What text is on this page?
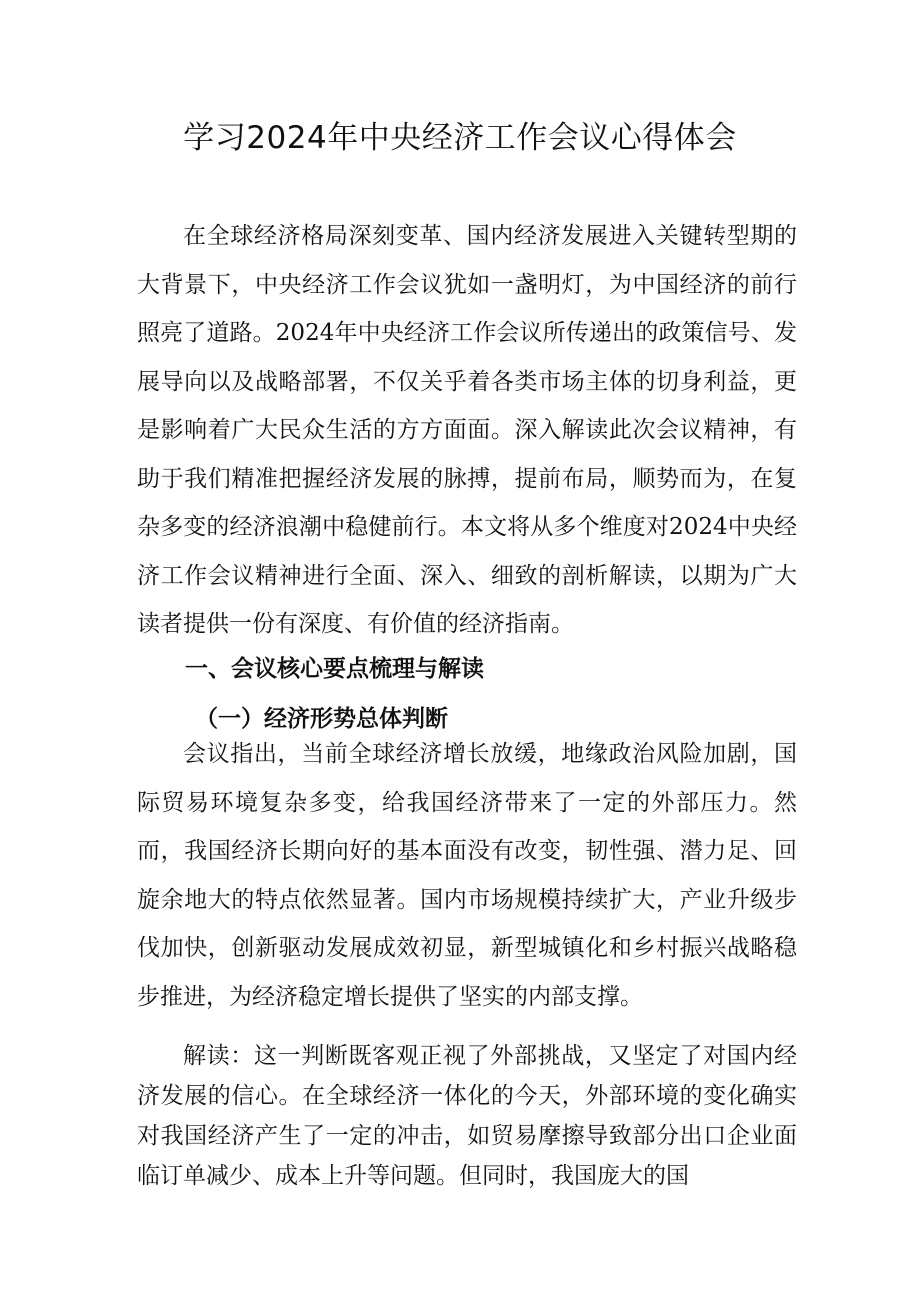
学习2024年中央经济工作会议心得体会

在全球经济格局深刻变革、国内经济发展进入关键转型期的大背景下，中央经济工作会议犹如一盏明灯，为中国经济的前行照亮了道路。2024年中央经济工作会议所传递出的政策信号、发展导向以及战略部署，不仅关乎着各类市场主体的切身利益，更是影响着广大民众生活的方方面面。深入解读此次会议精神，有助于我们精准把握经济发展的脉搏，提前布局，顺势而为，在复杂多变的经济浪潮中稳健前行。本文将从多个维度对2024中央经济工作会议精神进行全面、深入、细致的剖析解读，以期为广大读者提供一份有深度、有价值的经济指南。

一、会议核心要点梳理与解读
（一）经济形势总体判断

会议指出，当前全球经济增长放缓，地缘政治风险加剧，国际贸易环境复杂多变，给我国经济带来了一定的外部压力。然而，我国经济长期向好的基本面没有改变，韧性强、潜力足、回旋余地大的特点依然显著。国内市场规模持续扩大，产业升级步伐加快，创新驱动发展成效初显，新型城镇化和乡村振兴战略稳步推进，为经济稳定增长提供了坚实的内部支撑。

解读：这一判断既客观正视了外部挑战，又坚定了对国内经济发展的信心。在全球经济一体化的今天，外部环境的变化确实对我国经济产生了一定的冲击，如贸易摩擦导致部分出口企业面临订单减少、成本上升等问题。但同时，我国庞大的国
